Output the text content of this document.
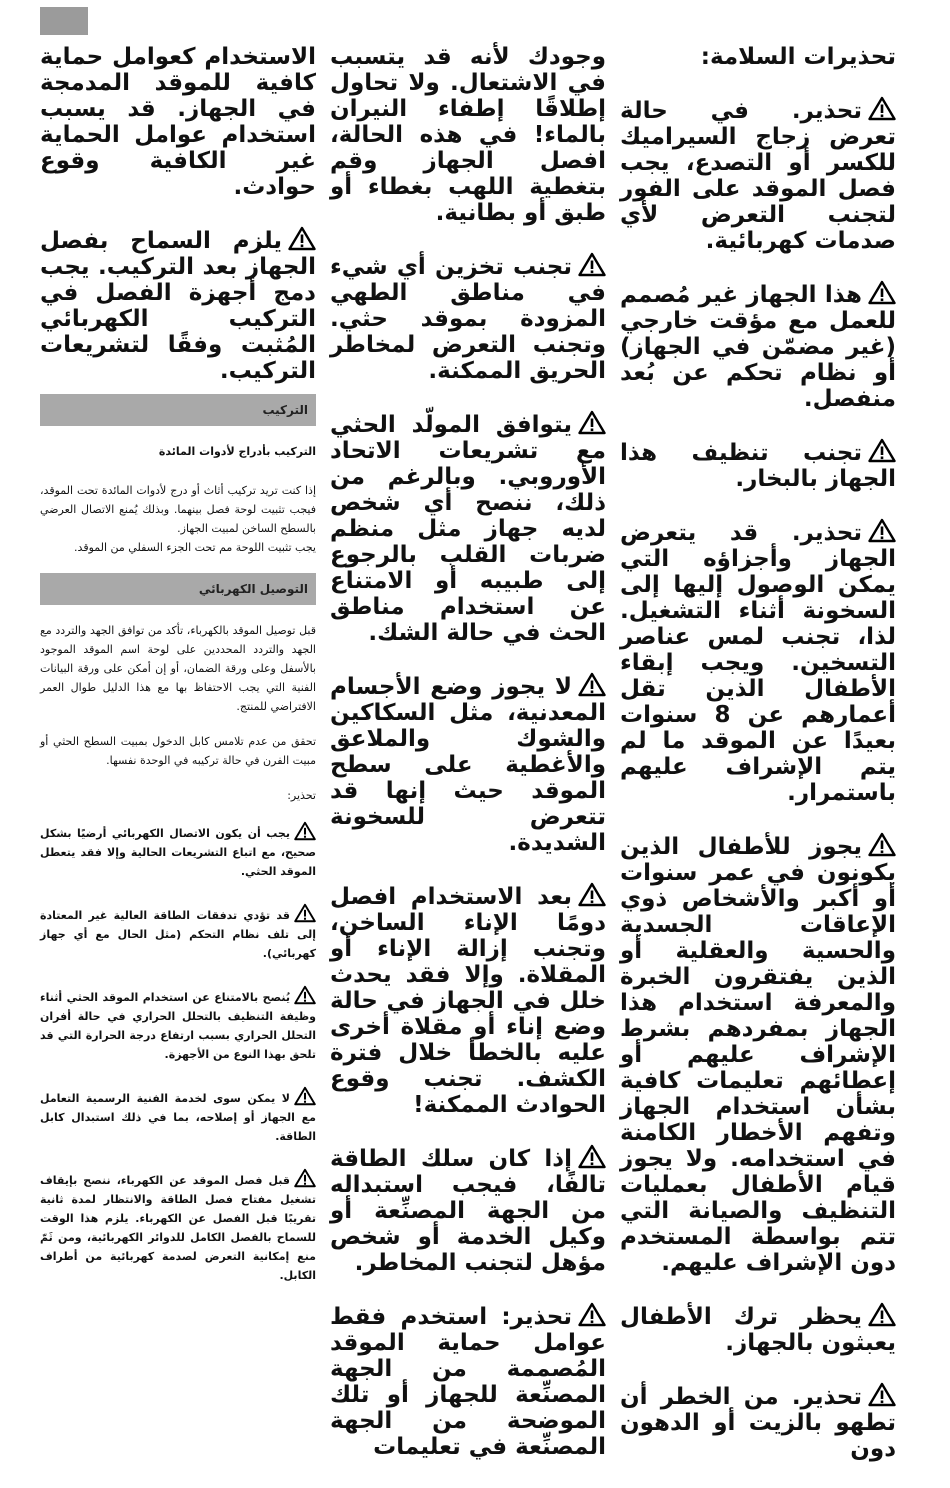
تحذيرات السلامة:

تحذير. في حالة تعرض زجاج السيراميك للكسر أو التصدع، يجب فصل الموقد على الفور لتجنب التعرض لأي صدمات كهربائية.

هذا الجهاز غير مُصمم للعمل مع مؤقت خارجي (غير مضمّن في الجهاز) أو نظام تحكم عن بُعد منفصل.

تجنب تنظيف هذا الجهاز بالبخار.

تحذير. قد يتعرض الجهاز وأجزاؤه التي يمكن الوصول إليها إلى السخونة أثناء التشغيل. لذا، تجنب لمس عناصر التسخين. ويجب إبقاء الأطفال الذين تقل أعمارهم عن 8 سنوات بعيدًا عن الموقد ما لم يتم الإشراف عليهم باستمرار.

يجوز للأطفال الذين يكونون في عمر سنوات أو أكبر والأشخاص ذوي الإعاقات الجسدية والحسية والعقلية أو الذين يفتقرون الخبرة والمعرفة استخدام هذا الجهاز بمفردهم بشرط الإشراف عليهم أو إعطائهم تعليمات كافية بشأن استخدام الجهاز وتفهم الأخطار الكامنة في استخدامه. ولا يجوز قيام الأطفال بعمليات التنظيف والصيانة التي تتم بواسطة المستخدم دون الإشراف عليهم.

يحظر ترك الأطفال يعبثون بالجهاز.

تحذير. من الخطر أن تطهو بالزيت أو الدهون دون

وجودك لأنه قد يتسبب في الاشتعال. ولا تحاول إطلاقًا إطفاء النيران بالماء! في هذه الحالة، افصل الجهاز وقم بتغطية اللهب بغطاء أو طبق أو بطانية.

تجنب تخزين أي شيء في مناطق الطهي المزودة بموقد حثي. وتجنب التعرض لمخاطر الحريق الممكنة.

يتوافق المولّد الحثي مع تشريعات الاتحاد الأوروبي. وبالرغم من ذلك، ننصح أي شخص لديه جهاز مثل منظم ضربات القلب بالرجوع إلى طبيبه أو الامتناع عن استخدام مناطق الحث في حالة الشك.

لا يجوز وضع الأجسام المعدنية، مثل السكاكين والشوك والملاعق والأغطية على سطح الموقد حيث إنها قد تتعرض للسخونة الشديدة.

بعد الاستخدام افصل دومًا الإناء الساخن، وتجنب إزالة الإناء أو المقلاة. وإلا فقد يحدث خلل في الجهاز في حالة وضع إناء أو مقلاة أخرى عليه بالخطأ خلال فترة الكشف. تجنب وقوع الحوادث الممكنة!

إذا كان سلك الطاقة تالفًا، فيجب استبداله من الجهة المصنِّعة أو وكيل الخدمة أو شخص مؤهل لتجنب المخاطر.

تحذير: استخدم فقط عوامل حماية الموقد المُصممة من الجهة المصنِّعة للجهاز أو تلك الموضحة من الجهة المصنِّعة في تعليمات

الاستخدام كعوامل حماية كافية للموقد المدمجة في الجهاز. قد يسبب استخدام عوامل الحماية غير الكافية وقوع حوادث.

يلزم السماح بفصل الجهاز بعد التركيب. يجب دمج أجهزة الفصل في التركيب الكهربائي المُثبت وفقًا لتشريعات التركيب.

التركيب

التركيب بأدراج لأدوات المائدة

إذا كنت تريد تركيب أثاث أو درج لأدوات المائدة تحت الموقد، فيجب تثبيت لوحة فصل بينهما. وبذلك يُمنع الاتصال العرضي بالسطح الساخن لمبيت الجهاز.

يجب تثبيت اللوحة مم تحت الجزء السفلي من الموقد.

التوصيل الكهربائي

قبل توصيل الموقد بالكهرباء، تأكد من توافق الجهد والتردد مع الجهد والتردد المحددين على لوحة اسم الموقد الموجود بالأسفل وعلى ورقة الضمان، أو إن أمكن على ورقة البيانات الفنية التي يجب الاحتفاظ بها مع هذا الدليل طوال العمر الافتراضي للمنتج.

تحقق من عدم تلامس كابل الدخول بمبيت السطح الحثي أو مبيت الفرن في حالة تركيبه في الوحدة نفسها.

تحذير:

يجب أن يكون الاتصال الكهربائي أرضيًا بشكل صحيح، مع اتباع التشريعات الحالية وإلا فقد يتعطل الموقد الحثي.

قد تؤدي تدفقات الطاقة العالية غير المعتادة إلى تلف نظام التحكم (مثل الحال مع أي جهاز كهربائي).

يُنصح بالامتناع عن استخدام الموقد الحثي أثناء وظيفة التنظيف بالتحلل الحراري في حالة أفران التحلل الحراري بسبب ارتفاع درجة الحرارة التي قد تلحق بهذا النوع من الأجهزة.

لا يمكن سوى لخدمة الفنية الرسمية التعامل مع الجهاز أو إصلاحه، بما في ذلك استبدال كابل الطاقة.

قبل فصل الموقد عن الكهرباء، ننصح بإيقاف تشغيل مفتاح فصل الطاقة والانتظار لمدة ثانية تقريبًا قبل الفصل عن الكهرباء. يلزم هذا الوقت للسماح بالفصل الكامل للدوائر الكهربائية، ومن ثَمّ منع إمكانية التعرض لصدمة كهربائية من أطراف الكابل.
